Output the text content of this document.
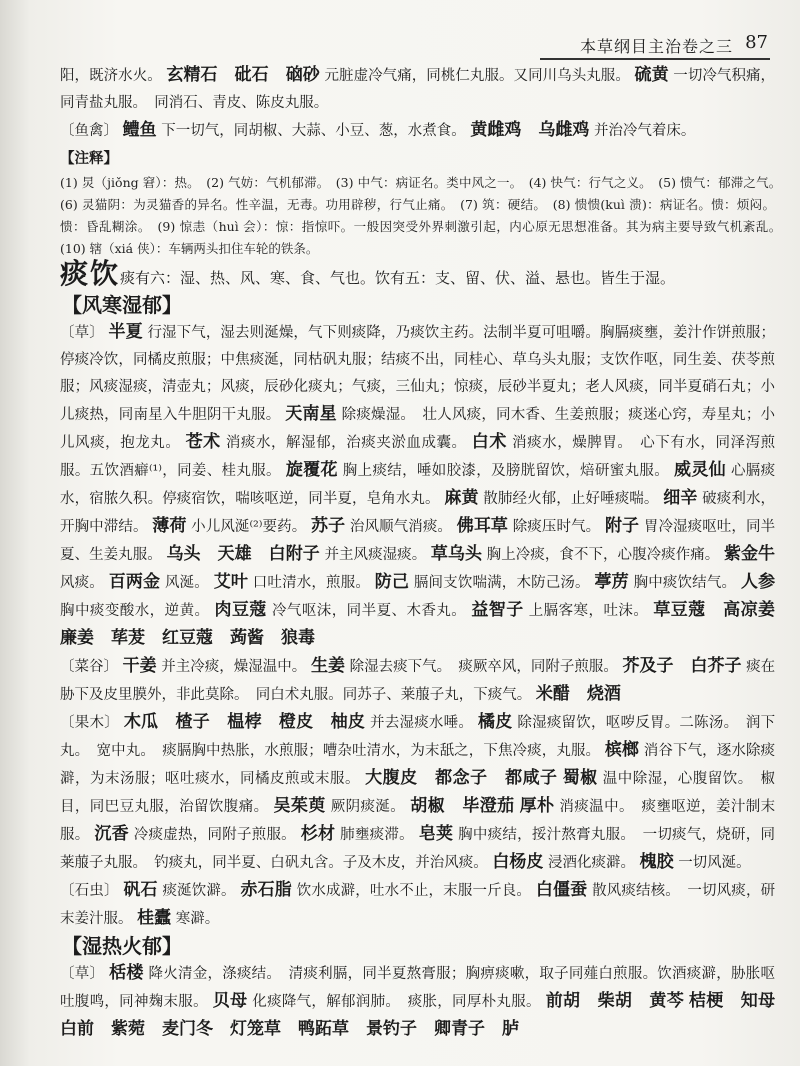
本草纲目主治卷之三 87

阳，既济水火。 玄精石　砒石　硇砂 元脏虚冷气痛，同桃仁丸服。又同川乌头丸服。 硫黄 一切冷气积痛，同青盐丸服。　同消石、青皮、陈皮丸服。

〔鱼禽〕 鳢鱼 下一切气，同胡椒、大蒜、小豆、葱，水煮食。 黄雌鸡　乌雌鸡 并治冷气着床。

【注释】

(1) 炅（jiǒng 窘）：热。　(2) 气妨：气机郁滞。　(3) 中气：病证名。类中风之一。　(4) 快气：行气之义。　(5) 愦气：郁滞之气。　(6) 灵猫阴：为灵猫香的异名。性辛温，无毒。功用辟秽，行气止痛。　(7) 筑：硬结。　(8) 愦愦(kuì 溃)：病证名。愦：烦闷。愦：昏乱糊涂。　(9) 惊恚（huì 会）：惊：指惊吓。一般因突受外界刺激引起，内心原无思想准备。其为病主要导致气机紊乱。　(10) 辖（xiá 侠）：车辆两头扣住车轮的铁条。

痰饮痰有六：湿、热、风、寒、食、气也。饮有五：支、留、伏、溢、悬也。皆生于湿。

【风寒湿郁】

〔草〕 半夏 行湿下气，湿去则涎燥，气下则痰降，乃痰饮主药。法制半夏可咀嚼。胸膈痰壅，姜汁作饼煎服；停痰冷饮，同橘皮煎服；中焦痰涎，同枯矾丸服；结痰不出，同桂心、草乌头丸服；支饮作呕，同生姜、茯苓煎服；风痰湿痰，清壶丸；风痰，辰砂化痰丸；气痰，三仙丸；惊痰，辰砂半夏丸；老人风痰，同半夏硝石丸；小儿痰热，同南星入牛胆阴干丸服。 天南星 除痰燥湿。　壮人风痰，同木香、生姜煎服；痰迷心窍，寿星丸；小儿风痰，抱龙丸。 苍术 消痰水，解湿郁，治痰夹淤血成囊。 白术 消痰水，燥脾胃。　心下有水，同泽泻煎服。五饮酒癖⁽¹⁾，同姜、桂丸服。 旋覆花 胸上痰结，唾如胶漆，及膀胱留饮，焙研蜜丸服。 威灵仙 心膈痰水，宿脓久积。停痰宿饮，喘咳呕逆，同半夏，皂角水丸。 麻黄 散肺经火郁，止好唾痰喘。 细辛 破痰利水，开胸中滞结。 薄荷 小儿风涎⁽²⁾要药。 苏子 治风顺气消痰。 佛耳草 除痰压时气。 附子 胃冷湿痰呕吐，同半夏、生姜丸服。 乌头　天雄　白附子 并主风痰湿痰。 草乌头 胸上冷痰，食不下，心腹冷痰作痛。 紫金牛 风痰。 百两金 风涎。 艾叶 口吐清水，煎服。 防己 膈间支饮喘满，木防己汤。 葶苈 胸中痰饮结气。 人参 胸中痰变酸水，逆黄。 肉豆蔻 冷气呕沫，同半夏、木香丸。 益智子 上膈客寒，吐沫。 草豆蔻　高凉姜　廉姜　荜茇　红豆蔻　蒟酱　狼毒

〔菜谷〕 干姜 并主冷痰，燥湿温中。 生姜 除湿去痰下气。　痰厥卒风，同附子煎服。 芥及子　白芥子 痰在胁下及皮里膜外，非此莫除。　同白术丸服。同苏子、莱菔子丸，下痰气。 米醋　烧酒

〔果木〕 木瓜　楂子　榅桲　橙皮　柚皮 并去湿痰水唾。 橘皮 除湿痰留饮，呕哕反胃。二陈汤。　润下丸。　宽中丸。　痰膈胸中热胀，水煎服；嘈杂吐清水，为末舐之，下焦冷痰，丸服。 槟榔 消谷下气，逐水除痰澼，为末汤服；呕吐痰水，同橘皮煎或末服。 大腹皮　都念子　都咸子 蜀椒 温中除湿，心腹留饮。　椒目，同巴豆丸服，治留饮腹痛。 吴茱萸 厥阴痰涎。 胡椒　毕澄茄 厚朴 消痰温中。　痰壅呕逆，姜汁制末服。 沉香 冷痰虚热，同附子煎服。 杉材 肺壅痰滞。 皂荚 胸中痰结，挼汁熬膏丸服。　一切痰气，烧研，同莱菔子丸服。　钓痰丸，同半夏、白矾丸含。子及木皮，并治风痰。 白杨皮 浸酒化痰澼。 槐胶 一切风涎。

〔石虫〕 矾石 痰涎饮澼。 赤石脂 饮水成澼，吐水不止，末服一斤良。 白僵蚕 散风痰结核。　一切风痰，研末姜汁服。 桂蠹 寒澼。

【湿热火郁】

〔草〕 栝楼 降火清金，涤痰结。　清痰利膈，同半夏熬膏服；胸痹痰嗽，取子同薤白煎服。饮酒痰澼，胁胀呕吐腹鸣，同神麹末服。 贝母 化痰降气，解郁润肺。　痰胀，同厚朴丸服。 前胡　柴胡　黄芩 桔梗　知母　白前　紫菀　麦门冬　灯笼草　鸭跖草　景钓子　卿青子　胪
